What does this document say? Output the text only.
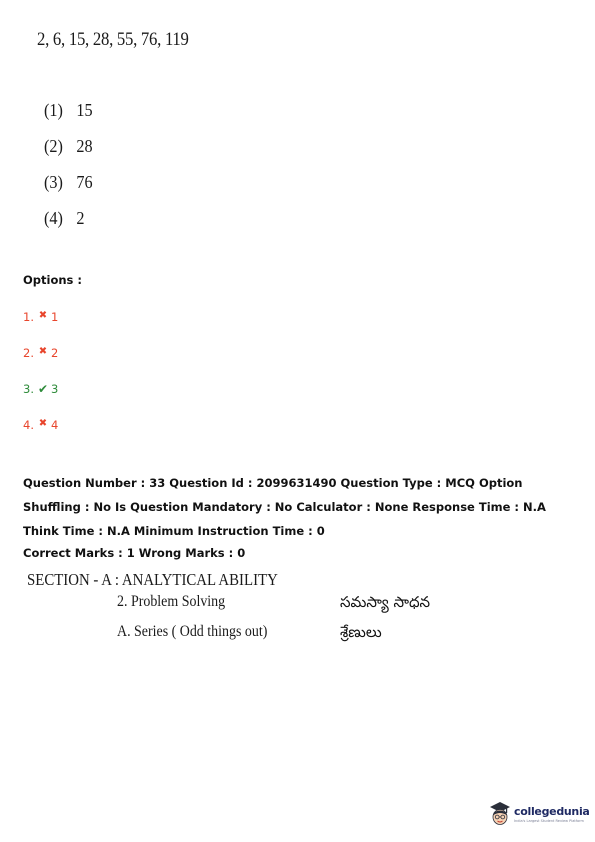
2, 6, 15, 28, 55, 76, 119
(1) 15
(2) 28
(3) 76
(4) 2
Options :
1. ✖ 1
2. ✖ 2
3. ✔ 3
4. ✖ 4
Question Number : 33 Question Id : 2099631490 Question Type : MCQ Option Shuffling : No Is Question Mandatory : No Calculator : None Response Time : N.A Think Time : N.A Minimum Instruction Time : 0
Correct Marks : 1 Wrong Marks : 0
SECTION - A : ANALYTICAL ABILITY
2. Problem Solving	సమస్యా సాధన
A. Series ( Odd things out)	శ్రేణులు
collegedunia
India's Largest Student Review Platform
